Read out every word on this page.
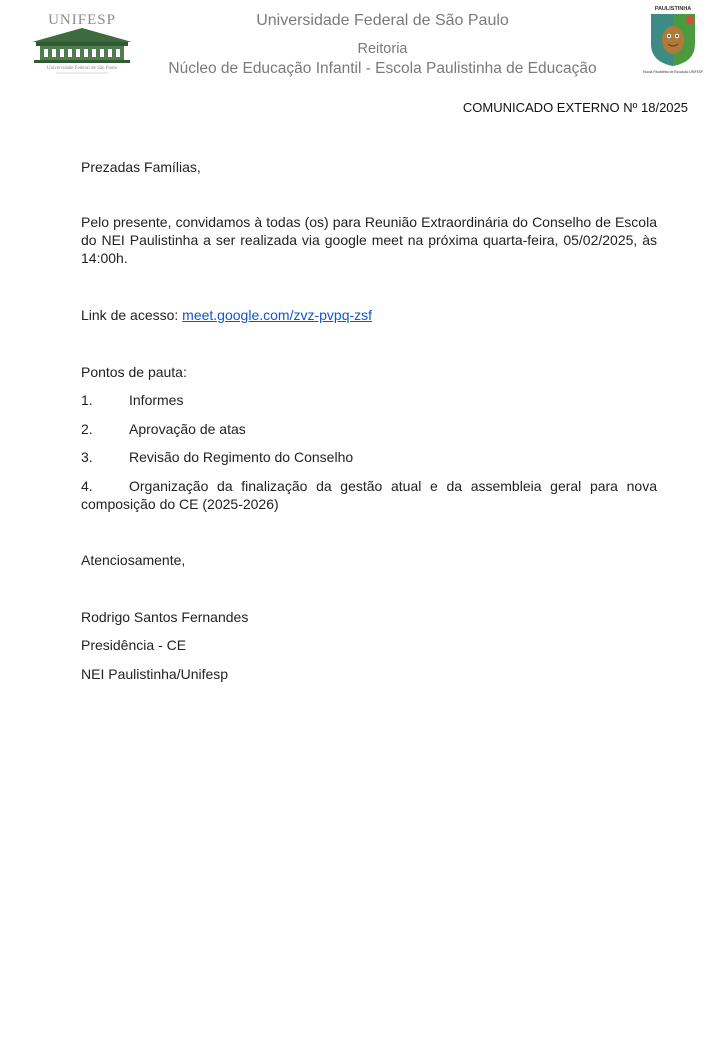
UNIFESP
Universidade Federal de São Paulo
Universidade Federal de São Paulo
Reitoria
Núcleo de Educação Infantil - Escola Paulistinha de Educação
PAULISTINHA
Escola Paulistinha de Educação UNIFESP
COMUNICADO EXTERNO Nº 18/2025

Prezadas Famílias,

Pelo presente, convidamos à todas (os) para Reunião Extraordinária do Conselho de Escola do NEI Paulistinha a ser realizada via google meet na próxima quarta-feira, 05/02/2025, às 14:00h.

Link de acesso: meet.google.com/zvz-pvpq-zsf

Pontos de pauta:

1.	Informes
2.	Aprovação de atas
3.	Revisão do Regimento do Conselho
4.	Organização da finalização da gestão atual e da assembleia geral para nova composição do CE (2025-2026)

Atenciosamente,

Rodrigo Santos Fernandes

Presidência - CE

NEI Paulistinha/Unifesp
